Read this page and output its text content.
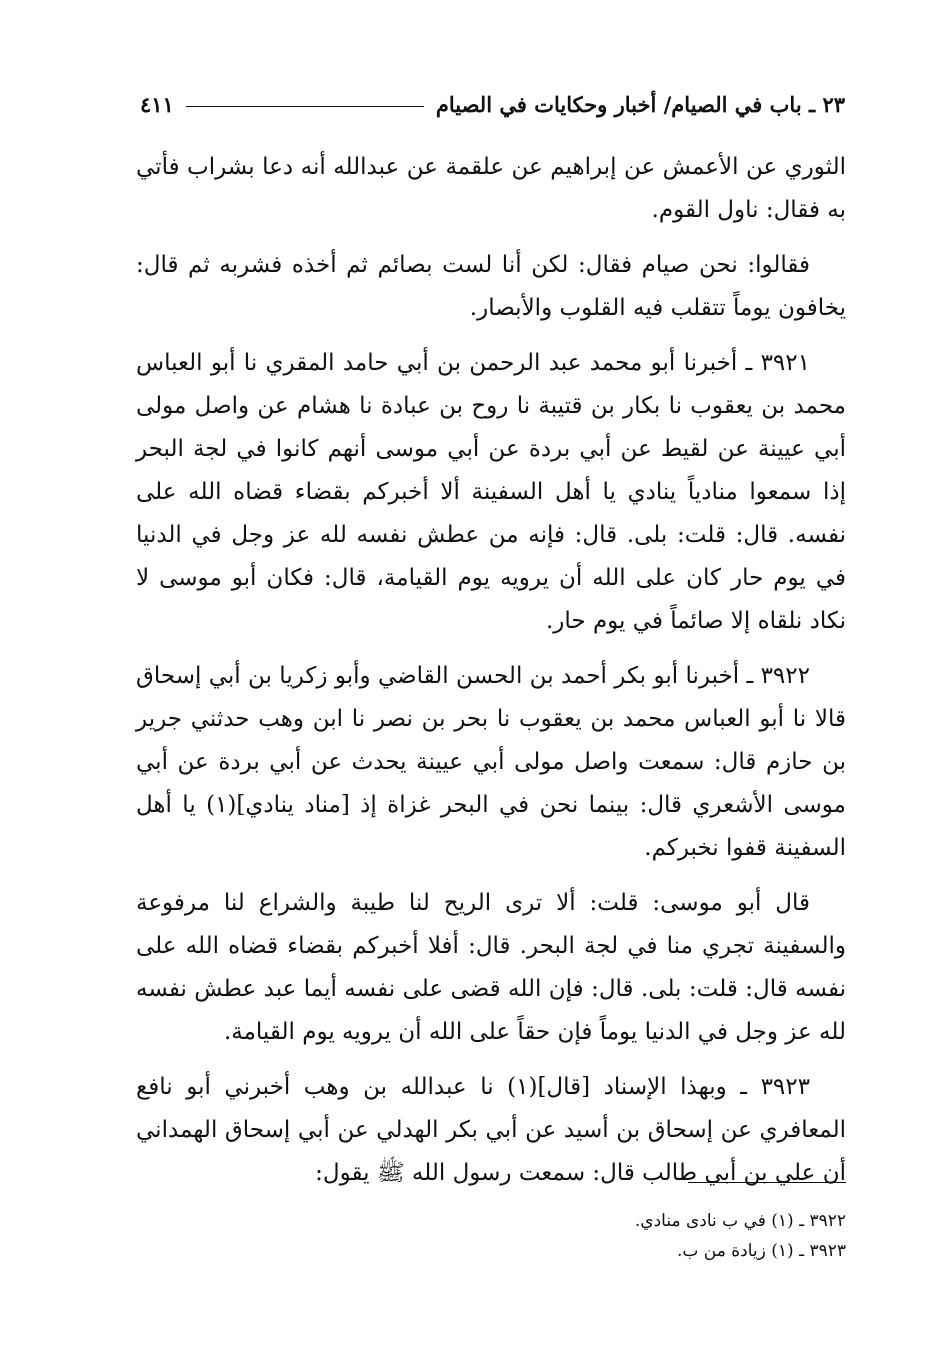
٢٣ ـ باب في الصيام/ أخبار وحكايات في الصيام
٤١١

الثوري عن الأعمش عن إبراهيم عن علقمة عن عبدالله أنه دعا بشراب فأتي به فقال: ناول القوم.

فقالوا: نحن صيام فقال: لكن أنا لست بصائم ثم أخذه فشربه ثم قال: يخافون يوماً تتقلب فيه القلوب والأبصار.

٣٩٢١ ـ أخبرنا أبو محمد عبد الرحمن بن أبي حامد المقري نا أبو العباس محمد بن يعقوب نا بكار بن قتيبة نا روح بن عبادة نا هشام عن واصل مولى أبي عيينة عن لقيط عن أبي بردة عن أبي موسى أنهم كانوا في لجة البحر إذا سمعوا منادياً ينادي يا أهل السفينة ألا أخبركم بقضاء قضاه الله على نفسه. قال: قلت: بلى. قال: فإنه من عطش نفسه لله عز وجل في الدنيا في يوم حار كان على الله أن يرويه يوم القيامة، قال: فكان أبو موسى لا نكاد نلقاه إلا صائماً في يوم حار.

٣٩٢٢ ـ أخبرنا أبو بكر أحمد بن الحسن القاضي وأبو زكريا بن أبي إسحاق قالا نا أبو العباس محمد بن يعقوب نا بحر بن نصر نا ابن وهب حدثني جرير بن حازم قال: سمعت واصل مولى أبي عيينة يحدث عن أبي بردة عن أبي موسى الأشعري قال: بينما نحن في البحر غزاة إذ [مناد ينادي](١) يا أهل السفينة قفوا نخبركم.

قال أبو موسى: قلت: ألا ترى الريح لنا طيبة والشراع لنا مرفوعة والسفينة تجري منا في لجة البحر. قال: أفلا أخبركم بقضاء قضاه الله على نفسه قال: قلت: بلى. قال: فإن الله قضى على نفسه أيما عبد عطش نفسه لله عز وجل في الدنيا يوماً فإن حقاً على الله أن يرويه يوم القيامة.

٣٩٢٣ ـ وبهذا الإسناد [قال](١) نا عبدالله بن وهب أخبرني أبو نافع المعافري عن إسحاق بن أسيد عن أبي بكر الهدلي عن أبي إسحاق الهمداني أن علي بن أبي طالب قال: سمعت رسول الله ﷺ يقول:

٣٩٢٢ ـ (١) في ب نادى منادي.

٣٩٢٣ ـ (١) زيادة من ب.
